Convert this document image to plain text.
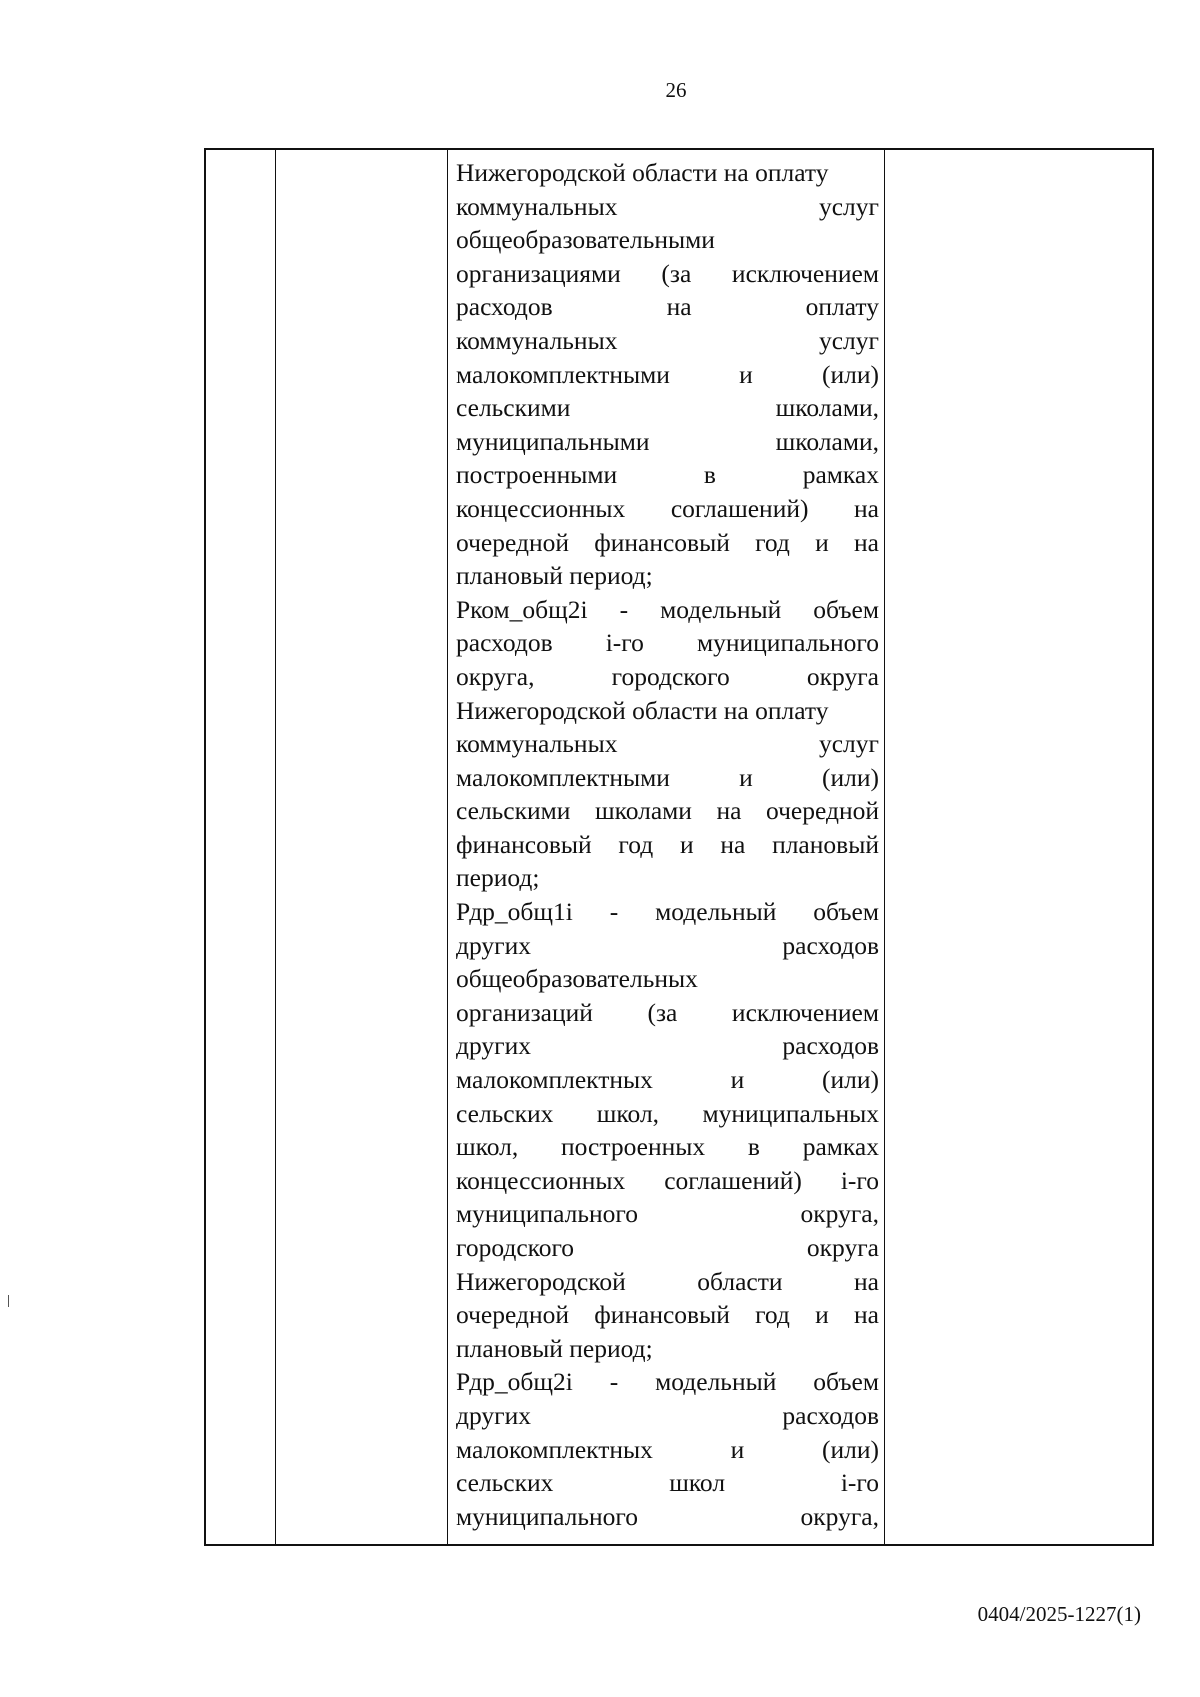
26
Нижегородской области на оплату
коммунальных	услуг
общеобразовательными
организациями (за исключением
расходов	на	оплату
коммунальных	услуг
малокомплектными	и	(или)
сельскими	школами,
муниципальными	школами,
построенными	в	рамках
концессионных соглашений) на
очередной финансовый год и на
плановый период;
Рком_общ2i - модельный объем
расходов i-го муниципального
округа,	городского	округа
Нижегородской области на оплату
коммунальных	услуг
малокомплектными	и	(или)
сельскими школами на очередной
финансовый год и на плановый
период;
Рдр_общ1i - модельный объем
других	расходов
общеобразовательных
организаций (за исключением
других	расходов
малокомплектных	и	(или)
сельских школ, муниципальных
школ, построенных в рамках
концессионных соглашений) i-го
муниципального	округа,
городского	округа
Нижегородской	области	на
очередной финансовый год и на
плановый период;
Рдр_общ2i - модельный объем
других	расходов
малокомплектных	и	(или)
сельских	школ	i-го
муниципального	округа,
0404/2025-1227(1)
